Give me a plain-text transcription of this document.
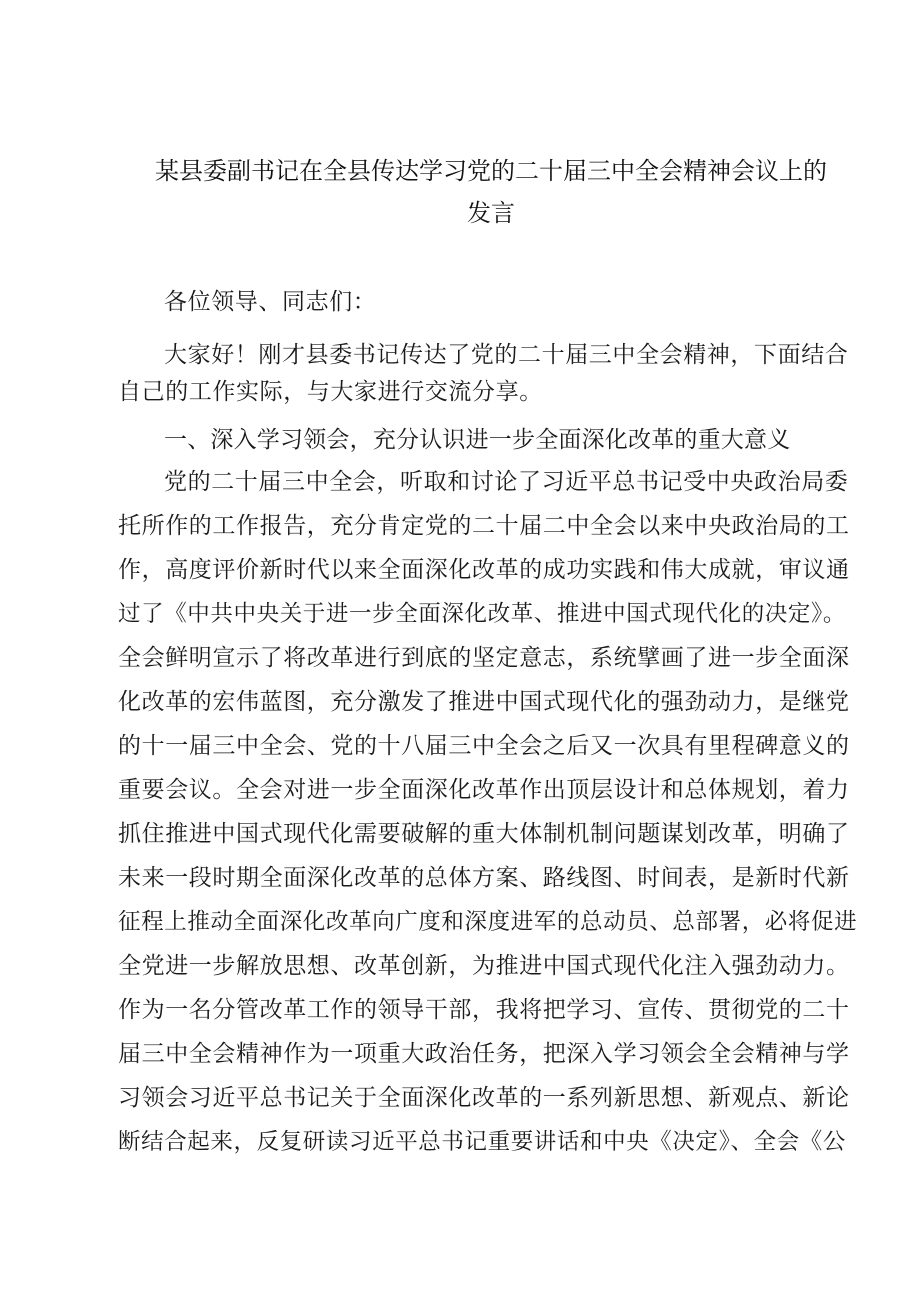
某县委副书记在全县传达学习党的二十届三中全会精神会议上的
发言
各位领导、同志们：
大家好！刚才县委书记传达了党的二十届三中全会精神，下面结合
自己的工作实际，与大家进行交流分享。
一、深入学习领会，充分认识进一步全面深化改革的重大意义
党的二十届三中全会，听取和讨论了习近平总书记受中央政治局委
托所作的工作报告，充分肯定党的二十届二中全会以来中央政治局的工
作，高度评价新时代以来全面深化改革的成功实践和伟大成就，审议通
过了《中共中央关于进一步全面深化改革、推进中国式现代化的决定》。
全会鲜明宣示了将改革进行到底的坚定意志，系统擘画了进一步全面深
化改革的宏伟蓝图，充分激发了推进中国式现代化的强劲动力，是继党
的十一届三中全会、党的十八届三中全会之后又一次具有里程碑意义的
重要会议。全会对进一步全面深化改革作出顶层设计和总体规划，着力
抓住推进中国式现代化需要破解的重大体制机制问题谋划改革，明确了
未来一段时期全面深化改革的总体方案、路线图、时间表，是新时代新
征程上推动全面深化改革向广度和深度进军的总动员、总部署，必将促进
全党进一步解放思想、改革创新，为推进中国式现代化注入强劲动力。
作为一名分管改革工作的领导干部，我将把学习、宣传、贯彻党的二十
届三中全会精神作为一项重大政治任务，把深入学习领会全会精神与学
习领会习近平总书记关于全面深化改革的一系列新思想、新观点、新论
断结合起来，反复研读习近平总书记重要讲话和中央《决定》、全会《公
